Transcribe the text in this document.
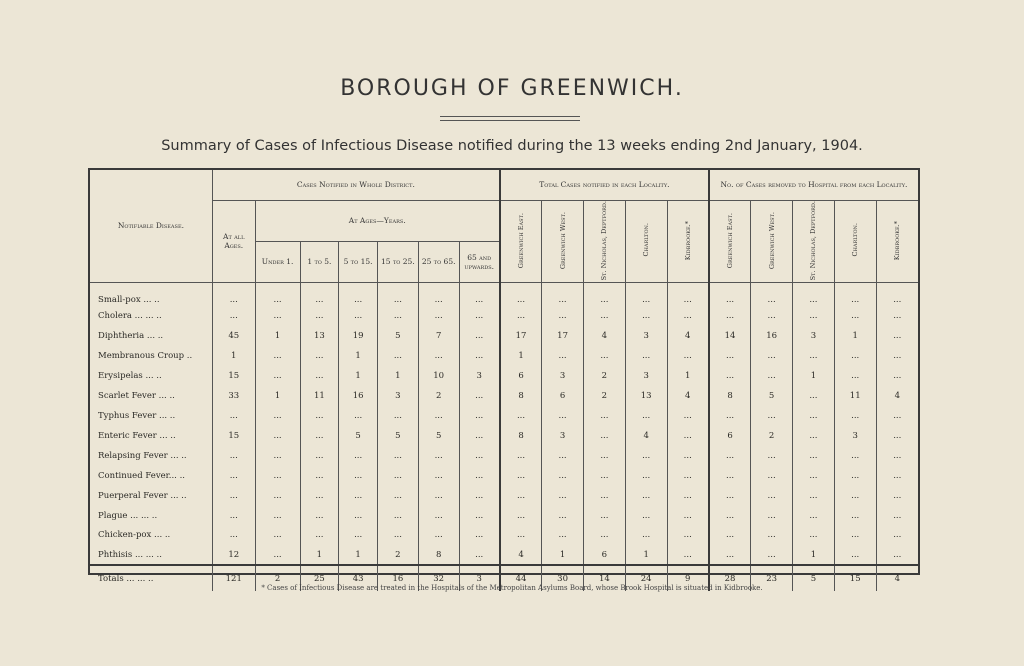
BOROUGH OF GREENWICH.
Summary of Cases of Infectious Disease notified during the 13 weeks ending 2nd January, 1904.
Notifiable Disease.	Cases Notified in Whole District.							Total Cases notified in each Locality.					No. of Cases removed to Hospital from each Locality.				
	At all Ages.	At Ages—Years.						Greenwich East.	Greenwich West.	St. Nicholas, Deptford.	Charlton.	Kidbrooke.*	Greenwich East.	Greenwich West.	St. Nicholas, Deptford.	Charlton.	Kidbrooke.*
		Under 1.	1 to 5.	5 to 15.	15 to 25.	25 to 65.	65 and upwards.										
Small-pox ... ..	...	...	...	...	...	...	...	...	...	...	...	...	...	...	...	...	...
Cholera ... ... ..	...	...	...	...	...	...	...	...	...	...	...	...	...	...	...	...	...
Diphtheria ... ..	45	1	13	19	5	7	...	17	17	4	3	4	14	16	3	1	...
Membranous Croup ..	1	...	...	1	...	...	...	1	...	...	...	...	...	...	...	...	...
Erysipelas ... ..	15	...	...	1	1	10	3	6	3	2	3	1	...	...	1	...	...
Scarlet Fever ... ..	33	1	11	16	3	2	...	8	6	2	13	4	8	5	...	11	4
Typhus Fever ... ..	...	...	...	...	...	...	...	...	...	...	...	...	...	...	...	...	...
Enteric Fever ... ..	15	...	...	5	5	5	...	8	3	...	4	...	6	2	...	3	...
Relapsing Fever ... ..	...	...	...	...	...	...	...	...	...	...	...	...	...	...	...	...	...
Continued Fever... ..	...	...	...	...	...	...	...	...	...	...	...	...	...	...	...	...	...
Puerperal Fever ... ..	...	...	...	...	...	...	...	...	...	...	...	...	...	...	...	...	...
Plague ... ... ..	...	...	...	...	...	...	...	...	...	...	...	...	...	...	...	...	...
Chicken-pox ... ..	...	...	...	...	...	...	...	...	...	...	...	...	...	...	...	...	...
Phthisis ... ... ..	12	...	1	1	2	8	...	4	1	6	1	...	...	...	1	...	...
Totals ... ... ..	121	2	25	43	16	32	3	44	30	14	24	9	28	23	5	15	4
* Cases of Infectious Disease are treated in the Hospitals of the Metropolitan Asylums Board, whose Brook Hospital is situated in Kidbrooke.
